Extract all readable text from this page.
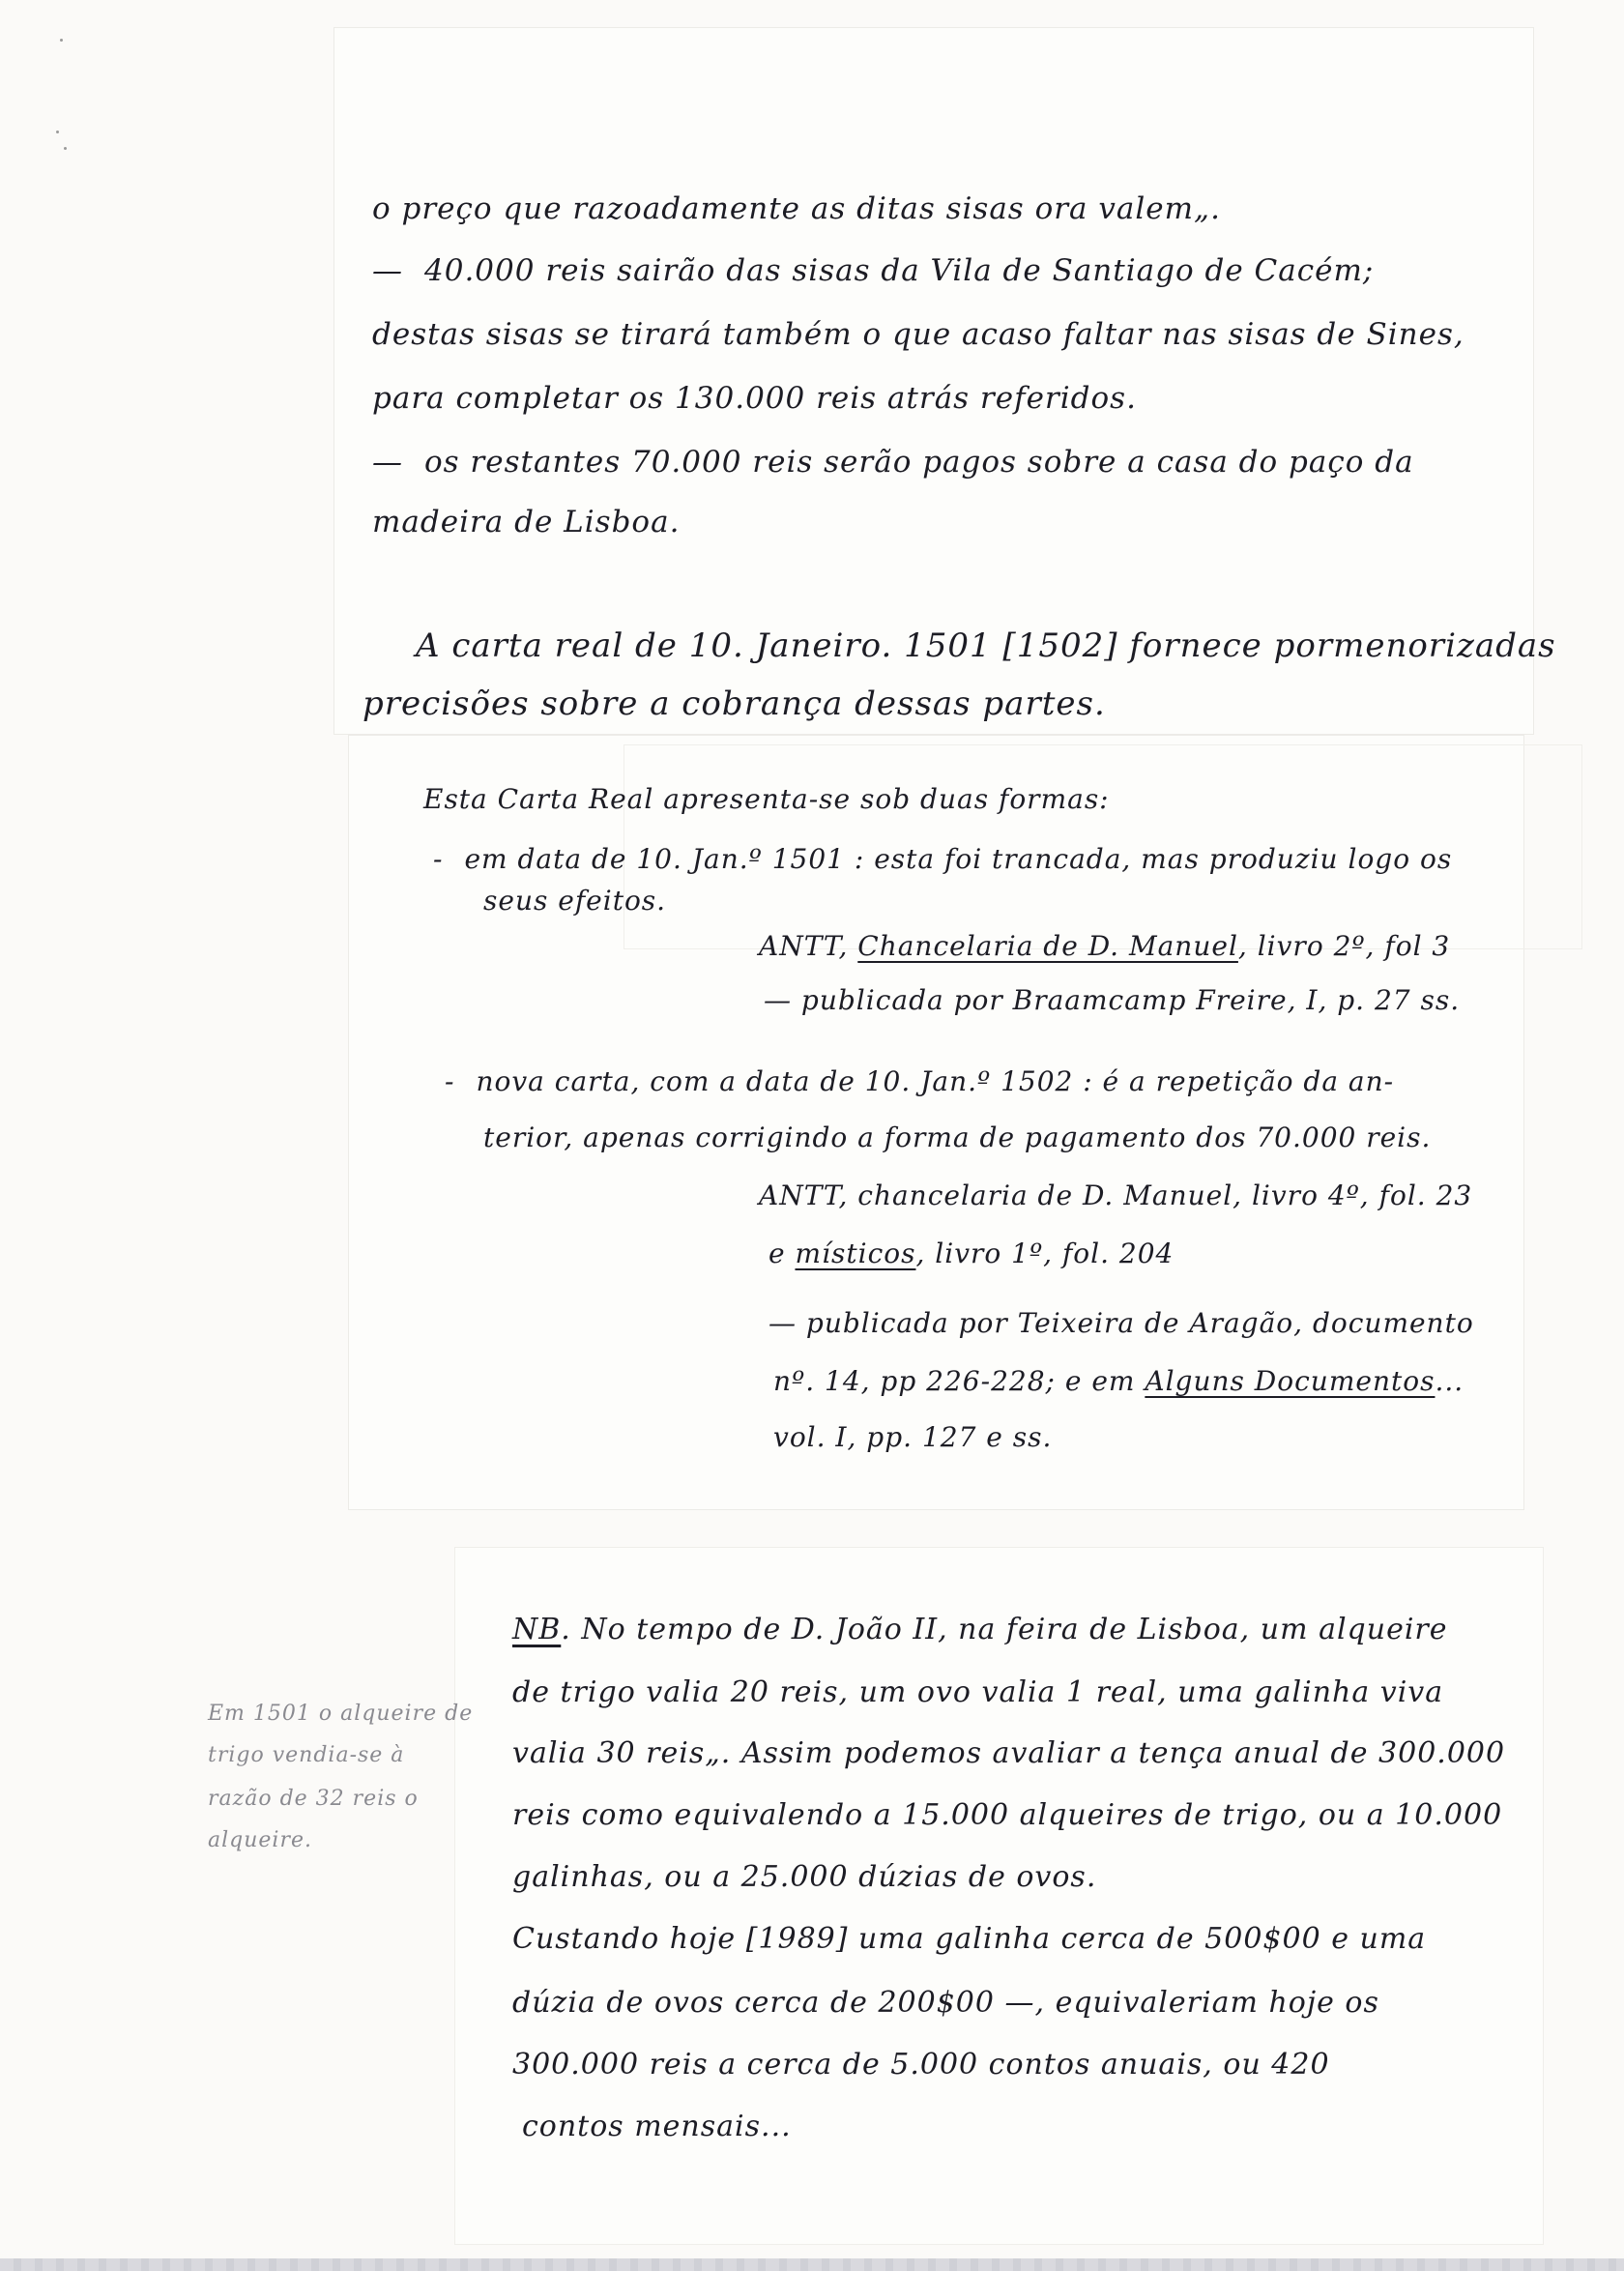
o preço que razoadamente as ditas sisas ora valem„.
— 40.000 reis sairão das sisas da Vila de Santiago de Cacém;
destas sisas se tirará também o que acaso faltar nas sisas de Sines,
para completar os 130.000 reis atrás referidos.
— os restantes 70.000 reis serão pagos sobre a casa do paço da
madeira de Lisboa.
A carta real de 10. Janeiro. 1501 [1502] fornece pormenorizadas
precisões sobre a cobrança dessas partes.
Esta Carta Real apresenta-se sob duas formas:
- em data de 10. Jan.º 1501 : esta foi trancada, mas produziu logo os
seus efeitos.
ANTT, Chancelaria de D. Manuel, livro 2º, fol 3
— publicada por Braamcamp Freire, I, p. 27 ss.
- nova carta, com a data de 10. Jan.º 1502 : é a repetição da an-
terior, apenas corrigindo a forma de pagamento dos 70.000 reis.
ANTT, chancelaria de D. Manuel, livro 4º, fol. 23
e místicos, livro 1º, fol. 204
— publicada por Teixeira de Aragão, documento
nº. 14, pp 226-228; e em Alguns Documentos...
vol. I, pp. 127 e ss.
NB. No tempo de D. João II, na feira de Lisboa, um alqueire
de trigo valia 20 reis, um ovo valia 1 real, uma galinha viva
valia 30 reis„. Assim podemos avaliar a tença anual de 300.000
reis como equivalendo a 15.000 alqueires de trigo, ou a 10.000
galinhas, ou a 25.000 dúzias de ovos.
Custando hoje [1989] uma galinha cerca de 500$00 e uma
dúzia de ovos cerca de 200$00 —, equivaleriam hoje os
300.000 reis a cerca de 5.000 contos anuais, ou 420
contos mensais...
Em 1501 o alqueire de
trigo vendia-se à
razão de 32 reis o
alqueire.
